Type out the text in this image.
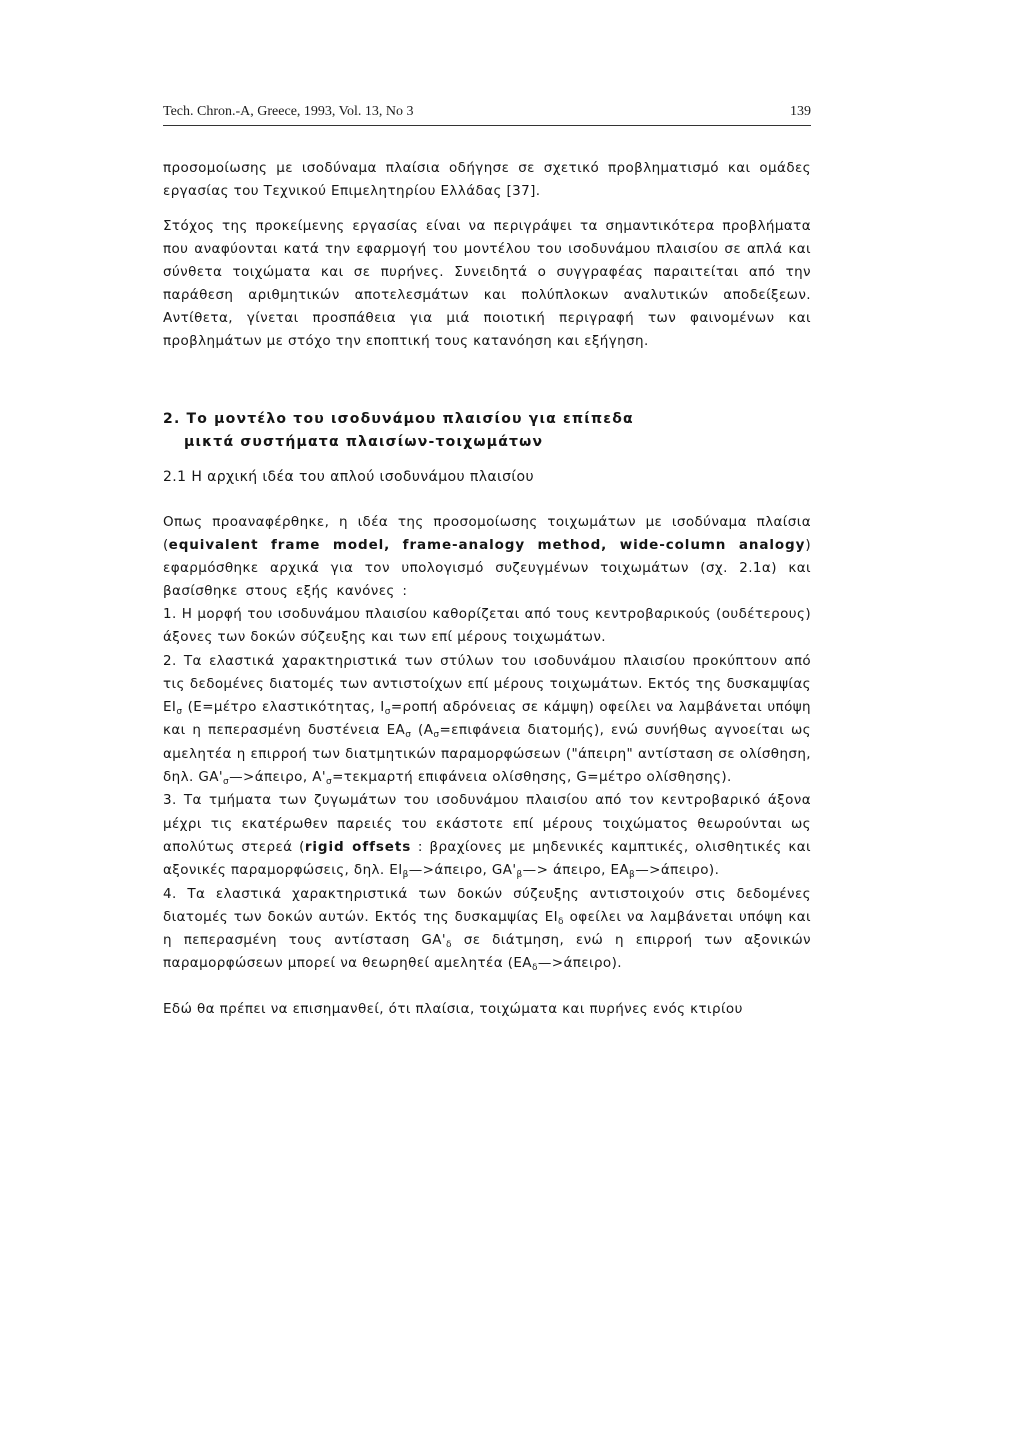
Tech. Chron.-A, Greece, 1993, Vol. 13, No 3	139

προσομοίωσης με ισοδύναμα πλαίσια οδήγησε σε σχετικό προβληματισμό και ομάδες εργασίας του Τεχνικού Επιμελητηρίου Ελλάδας [37].

Στόχος της προκείμενης εργασίας είναι να περιγράψει τα σημαντικότερα προβλήματα που αναφύονται κατά την εφαρμογή του μοντέλου του ισοδυνάμου πλαισίου σε απλά και σύνθετα τοιχώματα και σε πυρήνες. Συνειδητά ο συγγραφέας παραιτείται από την παράθεση αριθμητικών αποτελεσμάτων και πολύπλοκων αναλυτικών αποδείξεων. Αντίθετα, γίνεται προσπάθεια για μιά ποιοτική περιγραφή των φαινομένων και προβλημάτων με στόχο την εποπτική τους κατανόηση και εξήγηση.

2. Το μοντέλο του ισοδυνάμου πλαισίου για επίπεδα
μικτά συστήματα πλαισίων-τοιχωμάτων
2.1 Η αρχική ιδέα του απλού ισοδυνάμου πλαισίου

Οπως προαναφέρθηκε, η ιδέα της προσομοίωσης τοιχωμάτων με ισοδύναμα πλαίσια (equivalent frame model, frame-analogy method, wide-column analogy) εφαρμόσθηκε αρχικά για τον υπολογισμό συζευγμένων τοιχωμάτων (σχ. 2.1α) και βασίσθηκε στους εξής κανόνες :

1. Η μορφή του ισοδυνάμου πλαισίου καθορίζεται από τους κεντροβαρικούς (ουδέτερους) άξονες των δοκών σύζευξης και των επί μέρους τοιχωμάτων.

2. Τα ελαστικά χαρακτηριστικά των στύλων του ισοδυνάμου πλαισίου προκύπτουν από τις δεδομένες διατομές των αντιστοίχων επί μέρους τοιχωμάτων. Εκτός της δυσκαμψίας $EI_\sigma$ (E=μέτρο ελαστικότητας, $I_\sigma=\rho o\pi ή$ αδρόνειας σε κάμψη) οφείλει να λαμβάνεται υπόψη και η πεπερασμένη δυστένεια $EA_\sigma$ ($A_\sigma=\varepsilon\pi\iota\varphi ά\nu\varepsilon\iota\alpha$ διατομής), ενώ συνήθως αγνοείται ως αμελητέα η επιρροή των διατμητικών παραμορφώσεων ("άπειρη" αντίσταση σε ολίσθηση, δηλ. $GA'_\sigma—>ά\pi\varepsilon\iota\rho o$, $A'_\sigma=\tau\varepsilon\kappa\mu\alpha\rho\tau ή$ επιφάνεια ολίσθησης, G=μέτρο ολίσθησης).

3. Τα τμήματα των ζυγωμάτων του ισοδυνάμου πλαισίου από τον κεντροβαρικό άξονα μέχρι τις εκατέρωθεν παρειές του εκάστοτε επί μέρους τοιχώματος θεωρούνται ως απολύτως στερεά (rigid offsets : βραχίονες με μηδενικές καμπτικές, ολισθητικές και αξονικές παραμορφώσεις, δηλ. $EI_\beta—>ά\pi\varepsilon\iota\rho o$, $GA'_\beta—> ά\pi\varepsilon\iota\rho o$, $EA_\beta—>ά\pi\varepsilon\iota\rho o$).

4. Τα ελαστικά χαρακτηριστικά των δοκών σύζευξης αντιστοιχούν στις δεδομένες διατομές των δοκών αυτών. Εκτός της δυσκαμψίας $EI_\delta$ οφείλει να λαμβάνεται υπόψη και η πεπερασμένη τους αντίσταση $GA'_\delta$ σε διάτμηση, ενώ η επιρροή των αξονικών παραμορφώσεων μπορεί να θεωρηθεί αμελητέα $(EA_\delta—>ά\pi\varepsilon\iota\rho o)$.

Εδώ θα πρέπει να επισημανθεί, ότι πλαίσια, τοιχώματα και πυρήνες ενός κτιρίου
